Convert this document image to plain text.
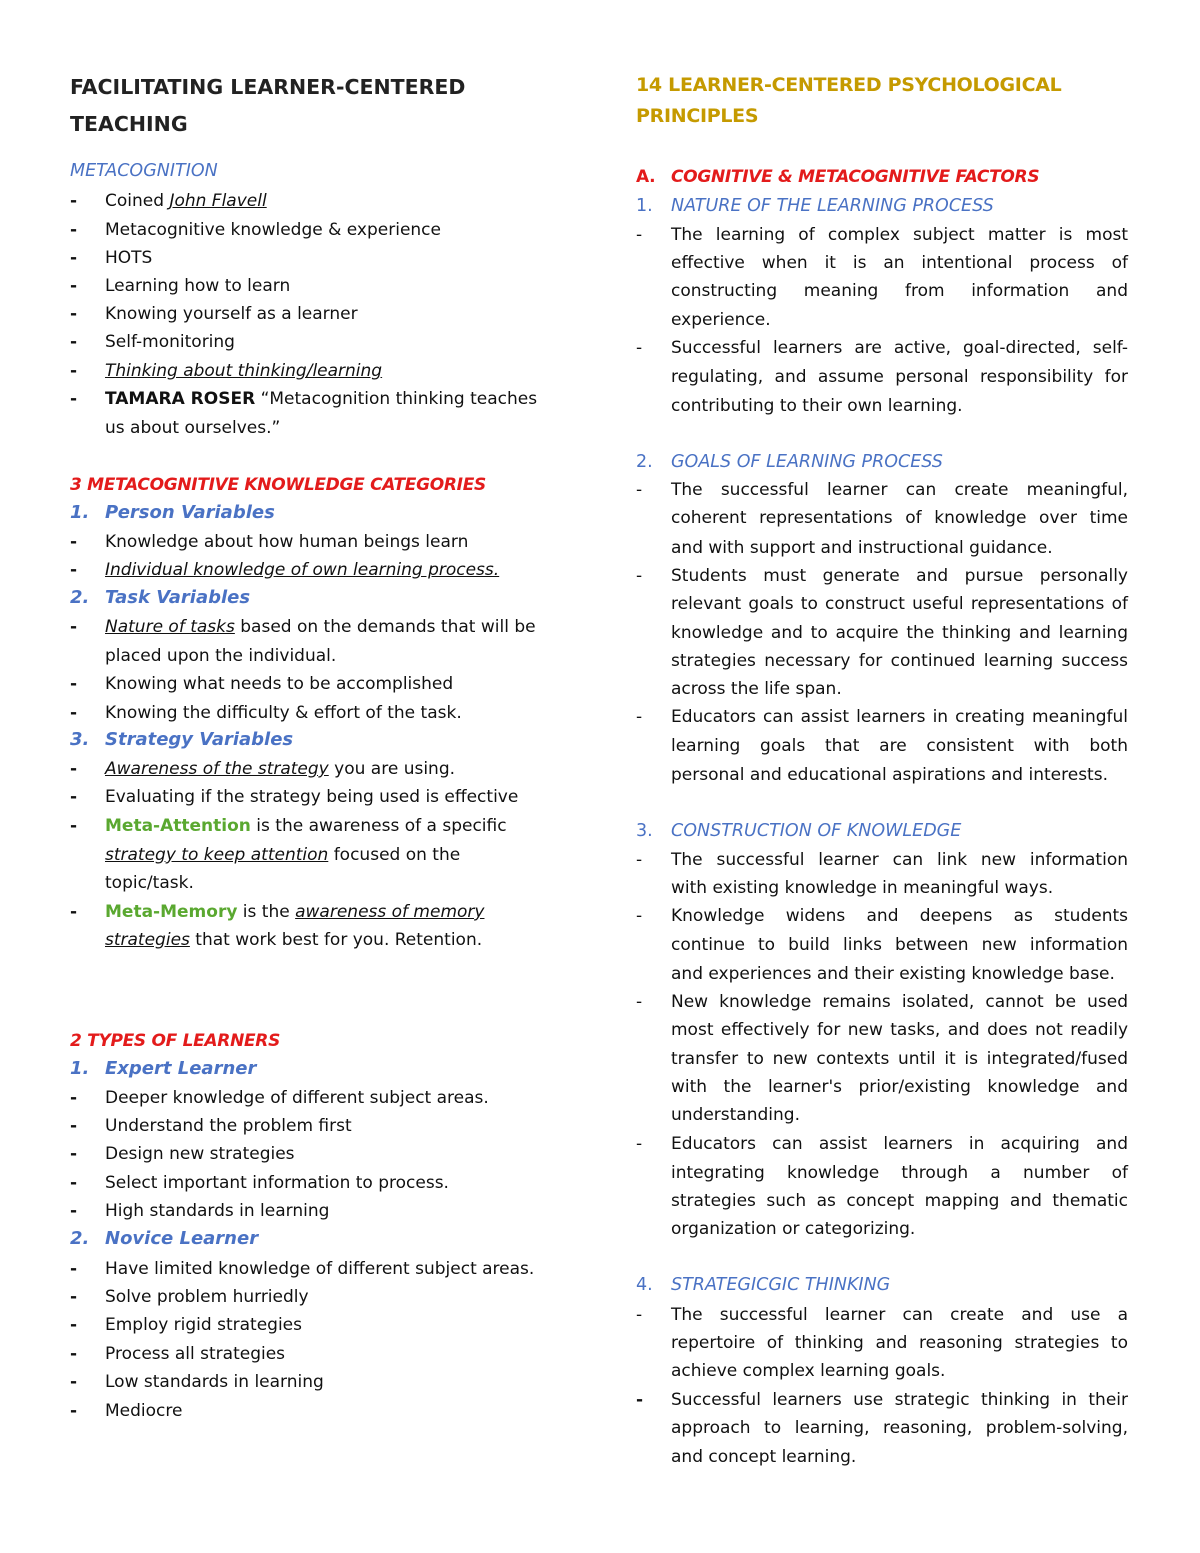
FACILITATING LEARNER-CENTERED
TEACHING
METACOGNITION
-	Coined John Flavell
-	Metacognitive knowledge & experience
-	HOTS
-	Learning how to learn
-	Knowing yourself as a learner
-	Self-monitoring
-	Thinking about thinking/learning
-	TAMARA ROSER “Metacognition thinking teaches
us about ourselves.”
3 METACOGNITIVE KNOWLEDGE CATEGORIES
1. Person Variables
-	Knowledge about how human beings learn
-	Individual knowledge of own learning process.
2. Task Variables
-	Nature of tasks based on the demands that will be
placed upon the individual.
-	Knowing what needs to be accomplished
-	Knowing the difficulty & effort of the task.
3. Strategy Variables
-	Awareness of the strategy you are using.
-	Evaluating if the strategy being used is effective
-	Meta-Attention is the awareness of a specific
strategy to keep attention focused on the
topic/task.
-	Meta-Memory is the awareness of memory
strategies that work best for you. Retention.
2 TYPES OF LEARNERS
1. Expert Learner
-	Deeper knowledge of different subject areas.
-	Understand the problem first
-	Design new strategies
-	Select important information to process.
-	High standards in learning
2. Novice Learner
-	Have limited knowledge of different subject areas.
-	Solve problem hurriedly
-	Employ rigid strategies
-	Process all strategies
-	Low standards in learning
-	Mediocre
14 LEARNER-CENTERED PSYCHOLOGICAL
PRINCIPLES
A. COGNITIVE & METACOGNITIVE FACTORS
1.	NATURE OF THE LEARNING PROCESS
-	The learning of complex subject matter is most
effective when it is an intentional process of
constructing meaning from information and
experience.
-	Successful learners are active, goal-directed, self-
regulating, and assume personal responsibility for
contributing to their own learning.
2.	GOALS OF LEARNING PROCESS
-	The successful learner can create meaningful,
coherent representations of knowledge over time
and with support and instructional guidance.
-	Students must generate and pursue personally
relevant goals to construct useful representations of
knowledge and to acquire the thinking and learning
strategies necessary for continued learning success
across the life span.
-	Educators can assist learners in creating meaningful
learning goals that are consistent with both
personal and educational aspirations and interests.
3.	CONSTRUCTION OF KNOWLEDGE
-	The successful learner can link new information
with existing knowledge in meaningful ways.
-	Knowledge widens and deepens as students
continue to build links between new information
and experiences and their existing knowledge base.
-	New knowledge remains isolated, cannot be used
most effectively for new tasks, and does not readily
transfer to new contexts until it is integrated/fused
with the learner's prior/existing knowledge and
understanding.
-	Educators can assist learners in acquiring and
integrating knowledge through a number of
strategies such as concept mapping and thematic
organization or categorizing.
4.	STRATEGICGIC THINKING
-	The successful learner can create and use a
repertoire of thinking and reasoning strategies to
achieve complex learning goals.
-	Successful learners use strategic thinking in their
approach to learning, reasoning, problem-solving,
and concept learning.
